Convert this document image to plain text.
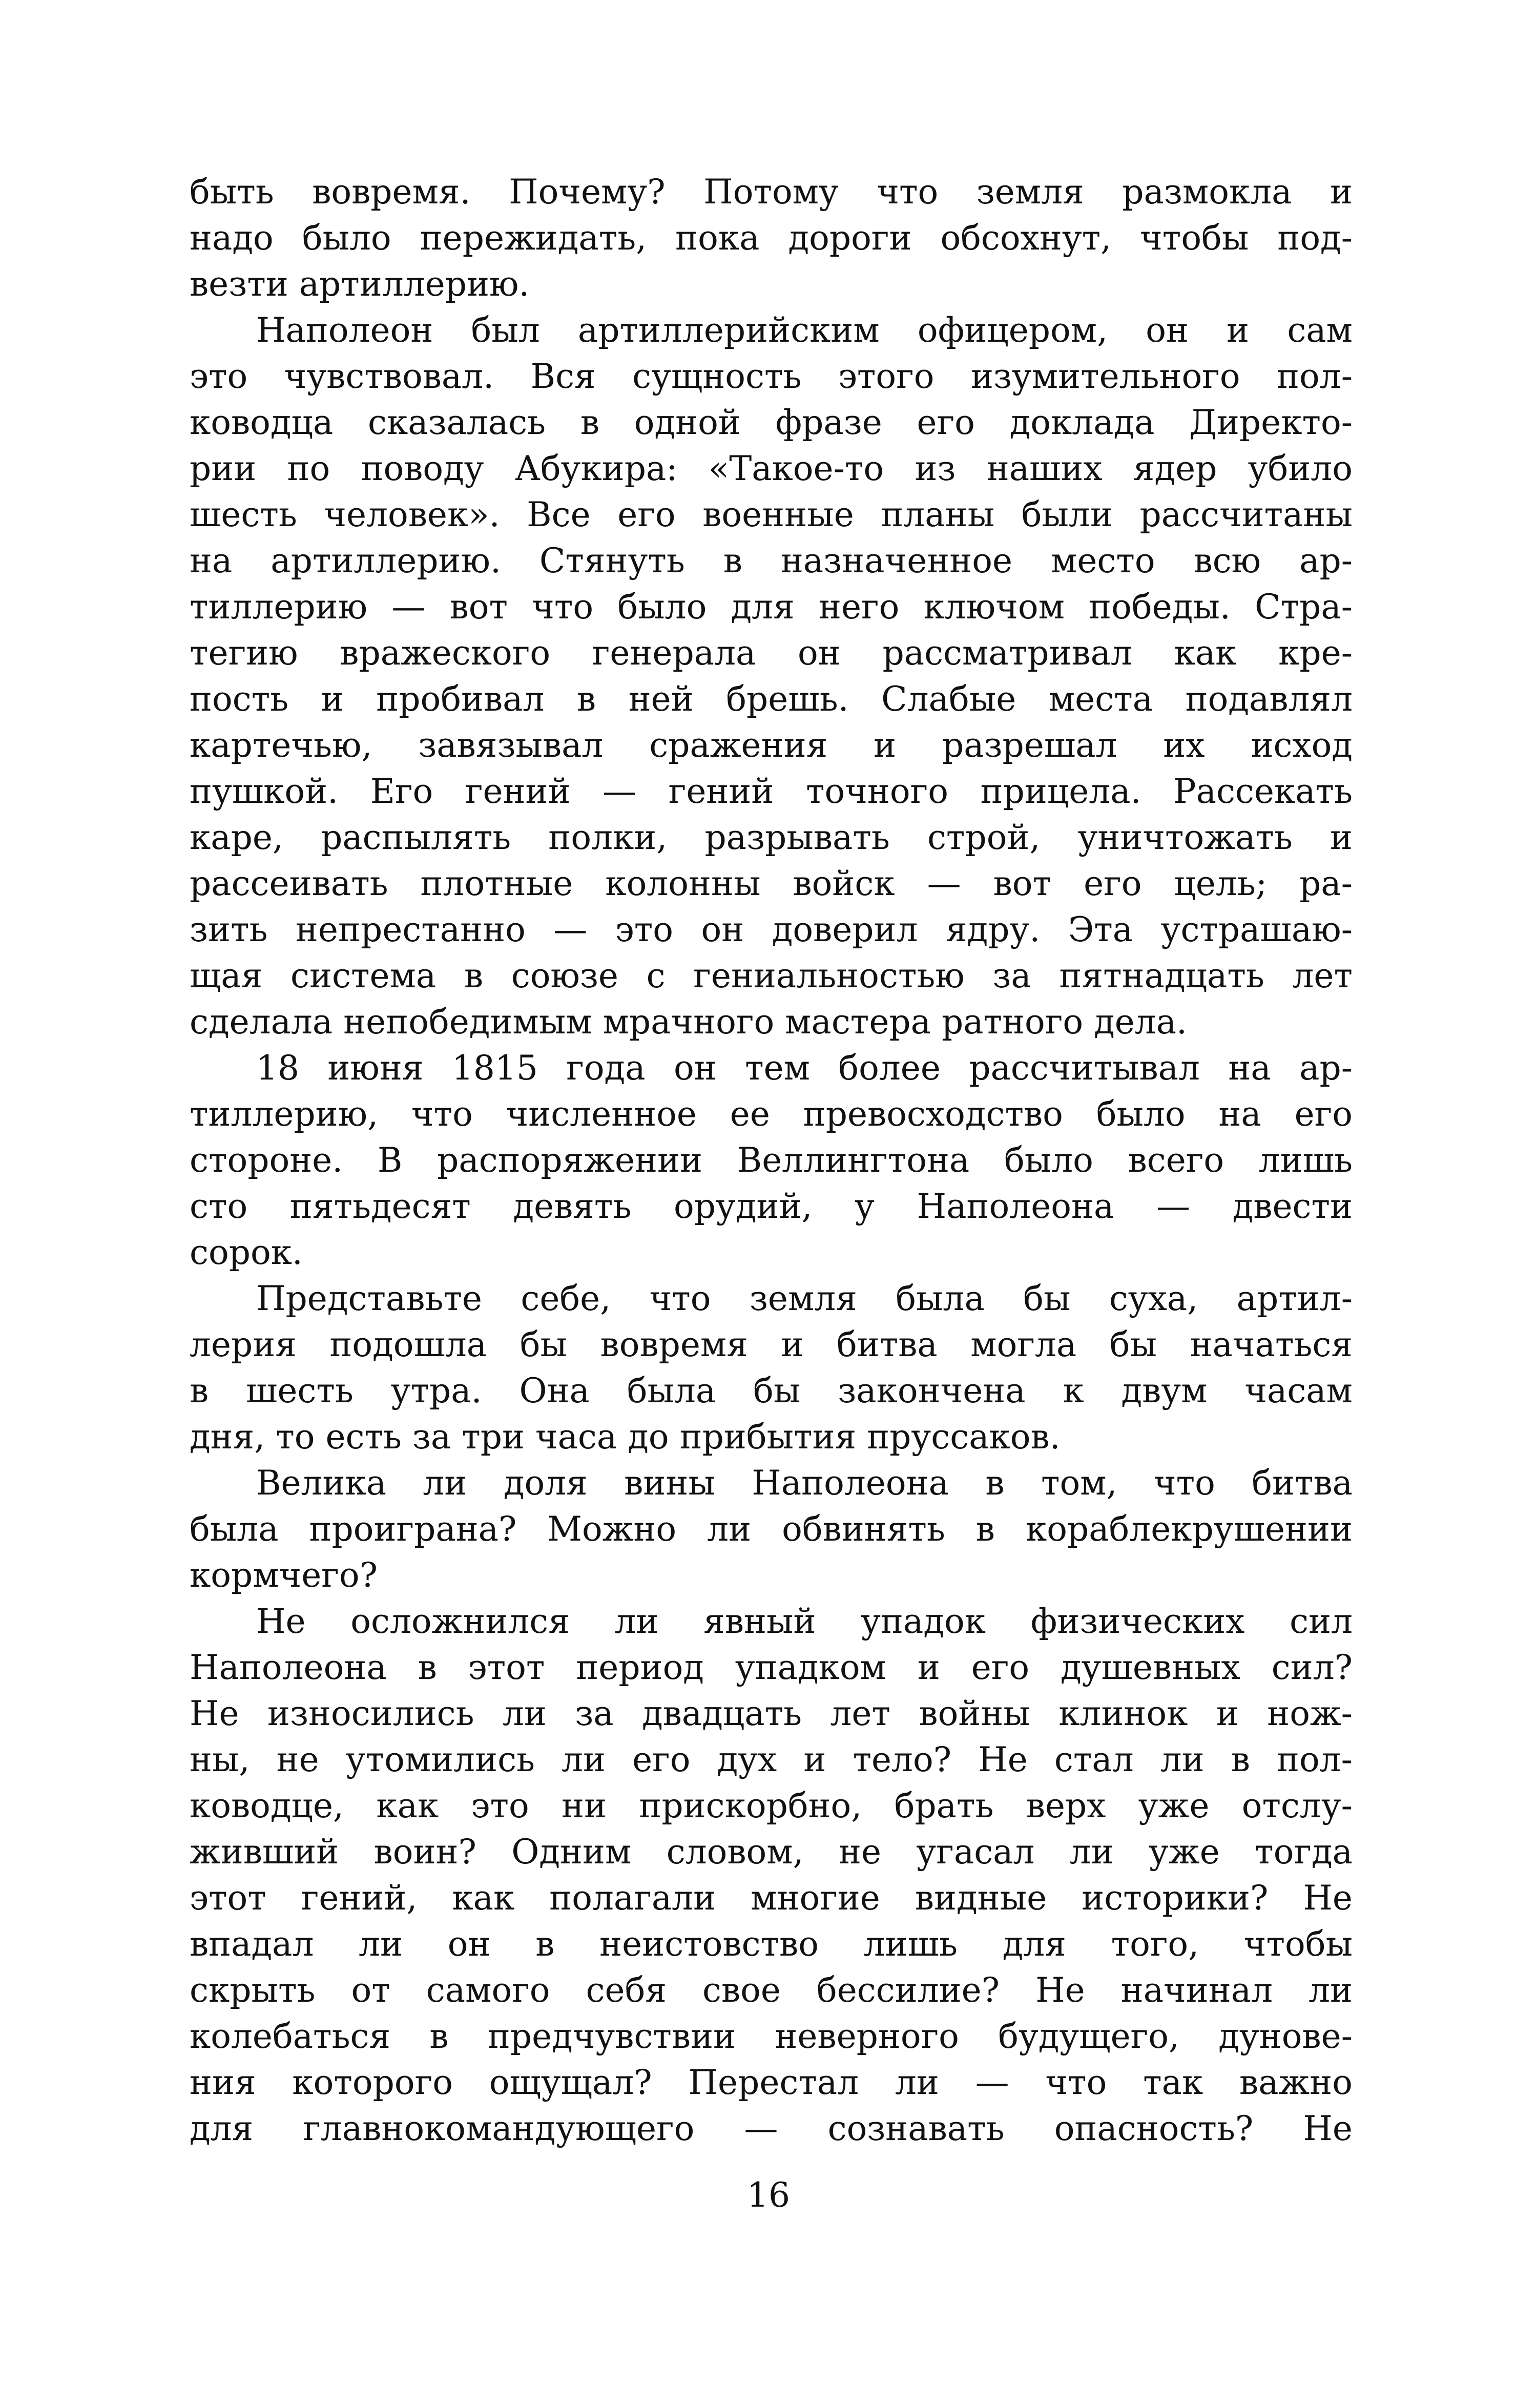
быть вовремя. Почему? Потому что земля размокла и
надо было пережидать, пока дороги обсохнут, чтобы под-
везти артиллерию.
Наполеон был артиллерийским офицером, он и сам
это чувствовал. Вся сущность этого изумительного пол-
ководца сказалась в одной фразе его доклада Директо-
рии по поводу Абукира: «Такое-то из наших ядер убило
шесть человек». Все его военные планы были рассчитаны
на артиллерию. Стянуть в назначенное место всю ар-
тиллерию — вот что было для него ключом победы. Стра-
тегию вражеского генерала он рассматривал как кре-
пость и пробивал в ней брешь. Слабые места подавлял
картечью, завязывал сражения и разрешал их исход
пушкой. Его гений — гений точного прицела. Рассекать
каре, распылять полки, разрывать строй, уничтожать и
рассеивать плотные колонны войск — вот его цель; ра-
зить непрестанно — это он доверил ядру. Эта устрашаю-
щая система в союзе с гениальностью за пятнадцать лет
сделала непобедимым мрачного мастера ратного дела.
18 июня 1815 года он тем более рассчитывал на ар-
тиллерию, что численное ее превосходство было на его
стороне. В распоряжении Веллингтона было всего лишь
сто пятьдесят девять орудий, у Наполеона — двести
сорок.
Представьте себе, что земля была бы суха, артил-
лерия подошла бы вовремя и битва могла бы начаться
в шесть утра. Она была бы закончена к двум часам
дня, то есть за три часа до прибытия пруссаков.
Велика ли доля вины Наполеона в том, что битва
была проиграна? Можно ли обвинять в кораблекрушении
кормчего?
Не осложнился ли явный упадок физических сил
Наполеона в этот период упадком и его душевных сил?
Не износились ли за двадцать лет войны клинок и нож-
ны, не утомились ли его дух и тело? Не стал ли в пол-
ководце, как это ни прискорбно, брать верх уже отслу-
живший воин? Одним словом, не угасал ли уже тогда
этот гений, как полагали многие видные историки? Не
впадал ли он в неистовство лишь для того, чтобы
скрыть от самого себя свое бессилие? Не начинал ли
колебаться в предчувствии неверного будущего, дунове-
ния которого ощущал? Перестал ли — что так важно
для главнокомандующего — сознавать опасность? Не
16
